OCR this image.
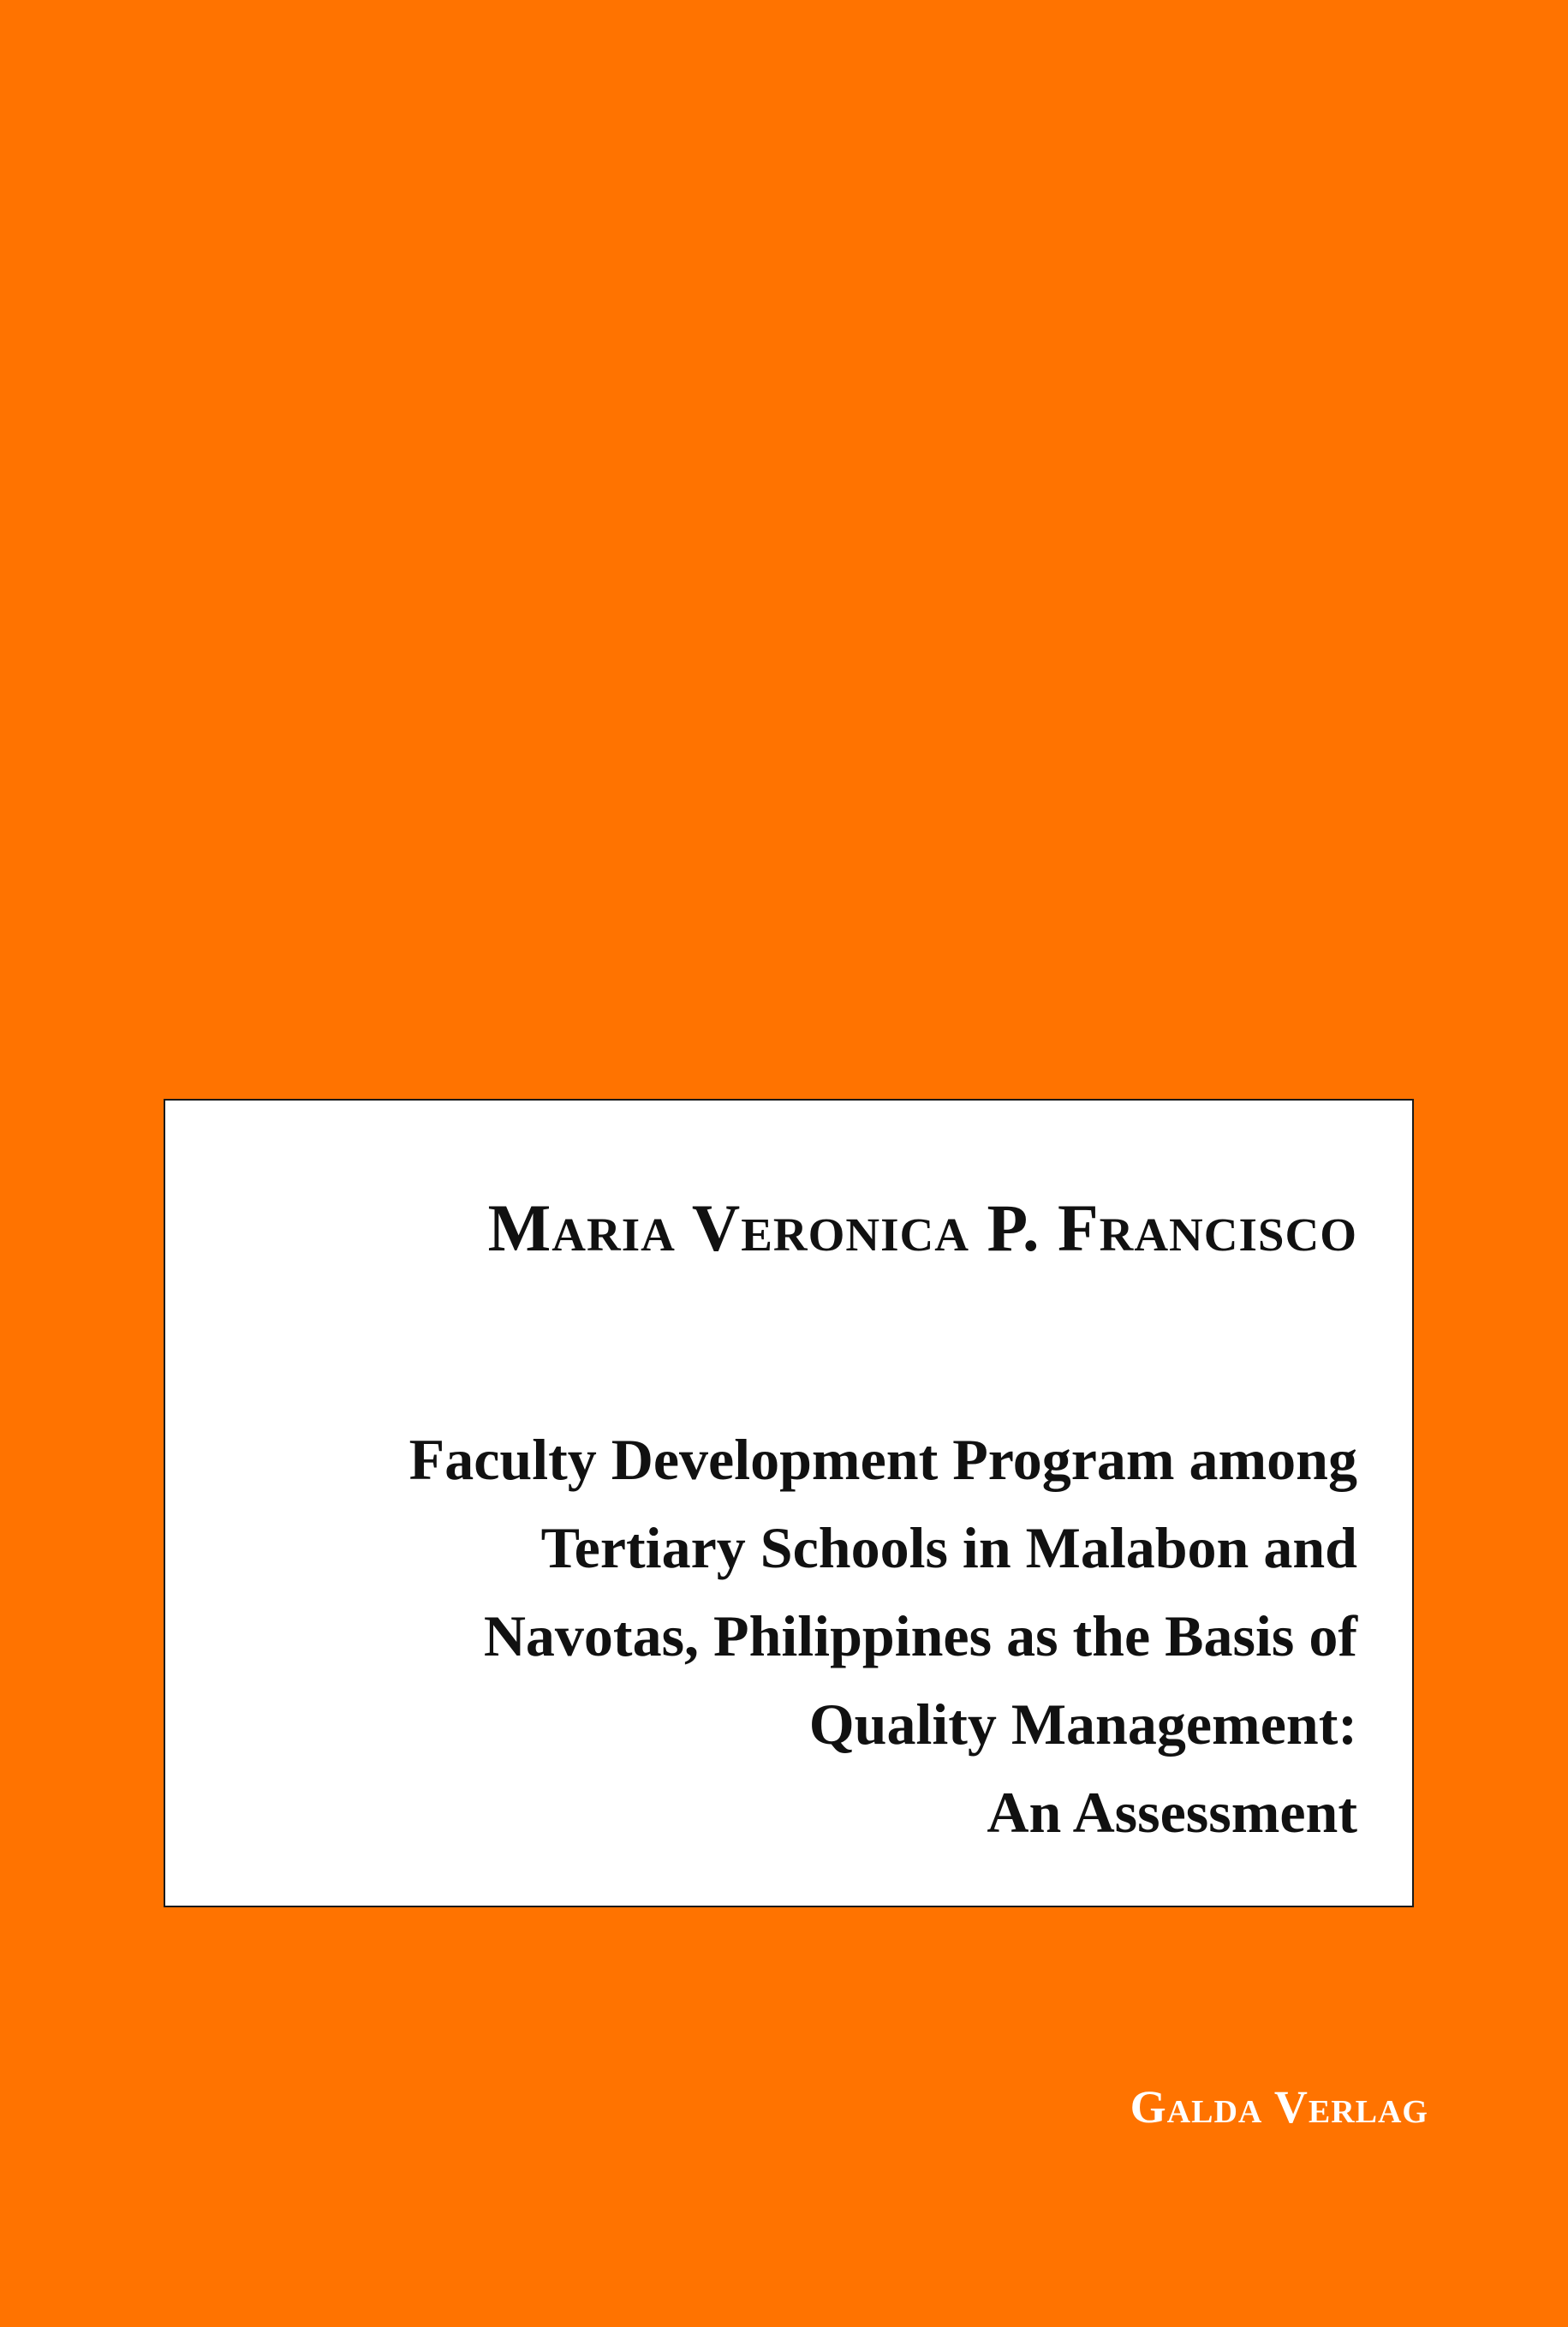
Maria Veronica P. Francisco

Faculty Development Program among
Tertiary Schools in Malabon and
Navotas, Philippines as the Basis of
Quality Management:
An Assessment

Galda Verlag
